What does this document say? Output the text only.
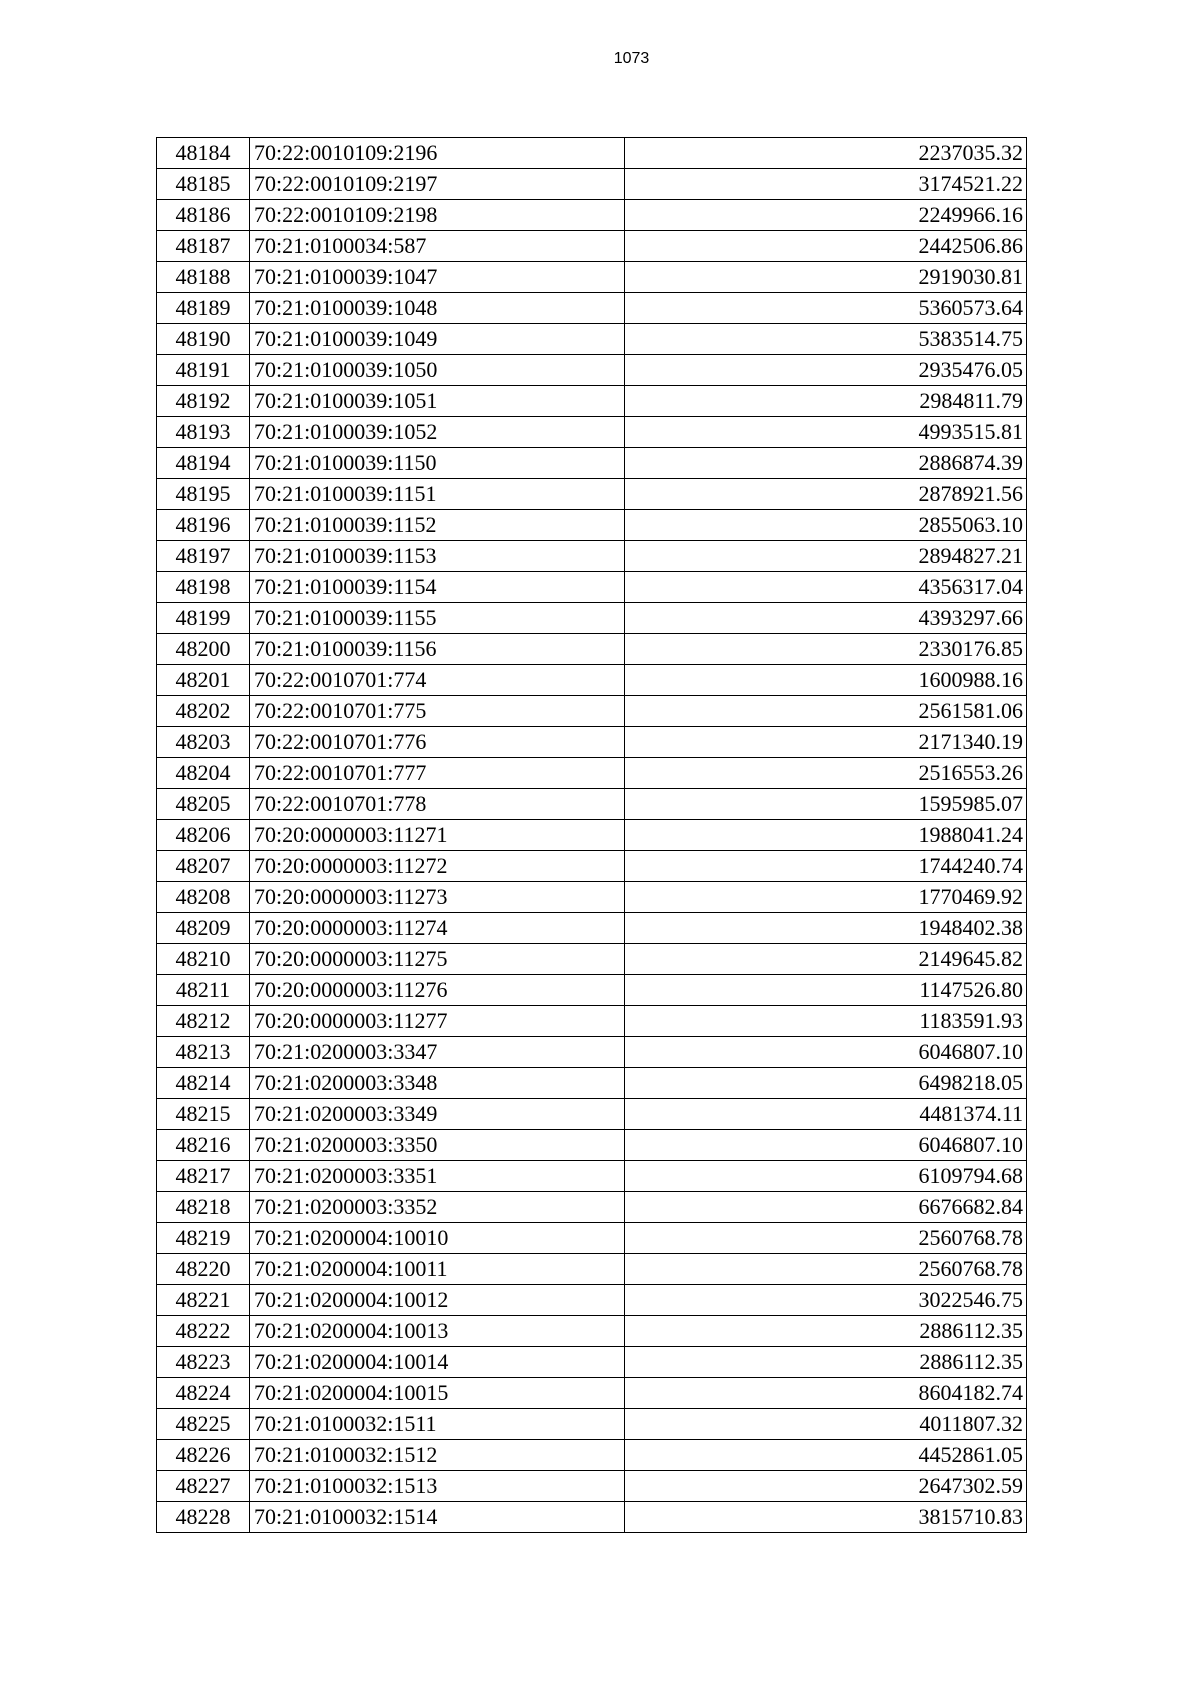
1073
48184	70:22:0010109:2196	2237035.32
48185	70:22:0010109:2197	3174521.22
48186	70:22:0010109:2198	2249966.16
48187	70:21:0100034:587	2442506.86
48188	70:21:0100039:1047	2919030.81
48189	70:21:0100039:1048	5360573.64
48190	70:21:0100039:1049	5383514.75
48191	70:21:0100039:1050	2935476.05
48192	70:21:0100039:1051	2984811.79
48193	70:21:0100039:1052	4993515.81
48194	70:21:0100039:1150	2886874.39
48195	70:21:0100039:1151	2878921.56
48196	70:21:0100039:1152	2855063.10
48197	70:21:0100039:1153	2894827.21
48198	70:21:0100039:1154	4356317.04
48199	70:21:0100039:1155	4393297.66
48200	70:21:0100039:1156	2330176.85
48201	70:22:0010701:774	1600988.16
48202	70:22:0010701:775	2561581.06
48203	70:22:0010701:776	2171340.19
48204	70:22:0010701:777	2516553.26
48205	70:22:0010701:778	1595985.07
48206	70:20:0000003:11271	1988041.24
48207	70:20:0000003:11272	1744240.74
48208	70:20:0000003:11273	1770469.92
48209	70:20:0000003:11274	1948402.38
48210	70:20:0000003:11275	2149645.82
48211	70:20:0000003:11276	1147526.80
48212	70:20:0000003:11277	1183591.93
48213	70:21:0200003:3347	6046807.10
48214	70:21:0200003:3348	6498218.05
48215	70:21:0200003:3349	4481374.11
48216	70:21:0200003:3350	6046807.10
48217	70:21:0200003:3351	6109794.68
48218	70:21:0200003:3352	6676682.84
48219	70:21:0200004:10010	2560768.78
48220	70:21:0200004:10011	2560768.78
48221	70:21:0200004:10012	3022546.75
48222	70:21:0200004:10013	2886112.35
48223	70:21:0200004:10014	2886112.35
48224	70:21:0200004:10015	8604182.74
48225	70:21:0100032:1511	4011807.32
48226	70:21:0100032:1512	4452861.05
48227	70:21:0100032:1513	2647302.59
48228	70:21:0100032:1514	3815710.83
